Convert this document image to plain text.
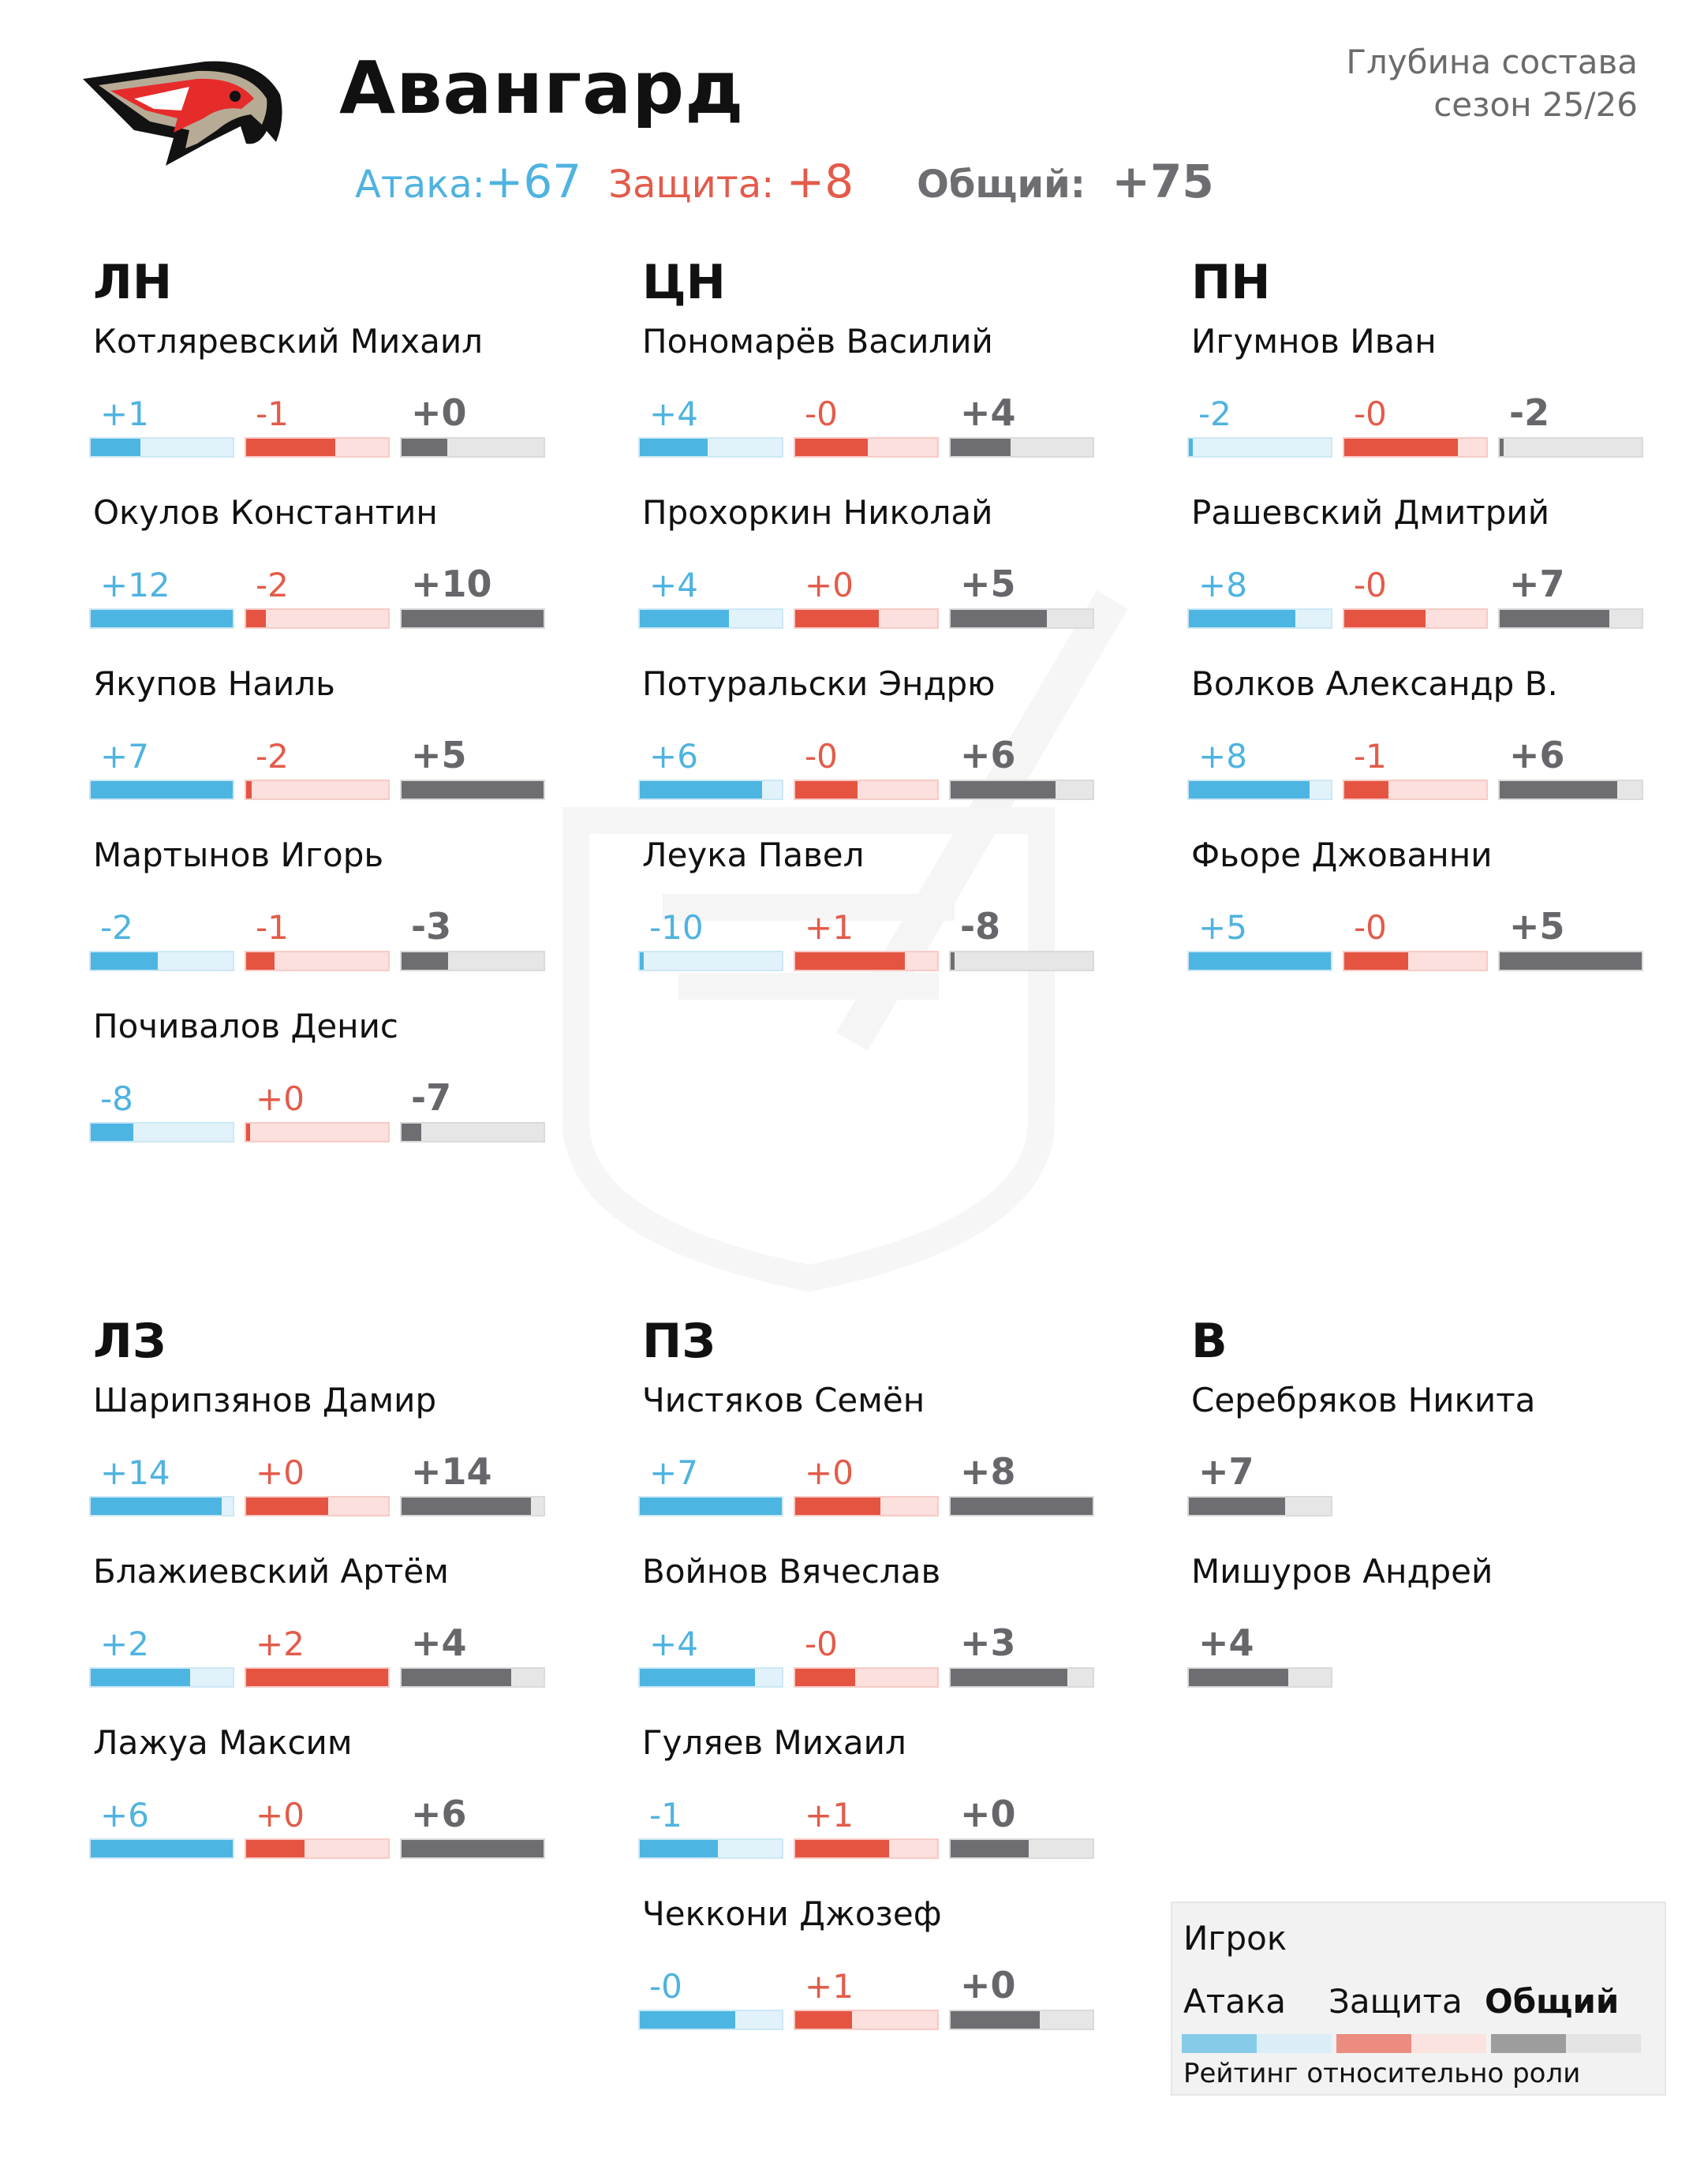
Авангард	Глубина состава
сезон 25/26
Атака:+67 Защита: +8 Общий: +75
ЛН
Котляревский Михаил
+1	-1	+0
Окулов Константин
+12	-2	+10
Якупов Наиль
+7	-2	+5
Мартынов Игорь
-2	-1	-3
Почивалов Денис
-8	+0	-7
ЦН
Пономарёв Василий
+4	-0	+4
Прохоркин Николай
+4	+0	+5
Потуральски Эндрю
+6	-0	+6
Леука Павел
-10	+1	-8
ПН
Игумнов Иван
-2	-0	-2
Рашевский Дмитрий
+8	-0	+7
Волков Александр В.
+8	-1	+6
Фьоре Джованни
+5	-0	+5
ЛЗ
Шарипзянов Дамир
+14	+0	+14
Блажиевский Артём
+2	+2	+4
Лажуа Максим
+6	+0	+6
ПЗ
Чистяков Семён
+7	+0	+8
Войнов Вячеслав
+4	-0	+3
Гуляев Михаил
-1	+1	+0
Чеккони Джозеф
-0	+1	+0
В
Серебряков Никита
+7
Мишуров Андрей
+4
Игрок
Атака Защита Общий
Рейтинг относительно роли
